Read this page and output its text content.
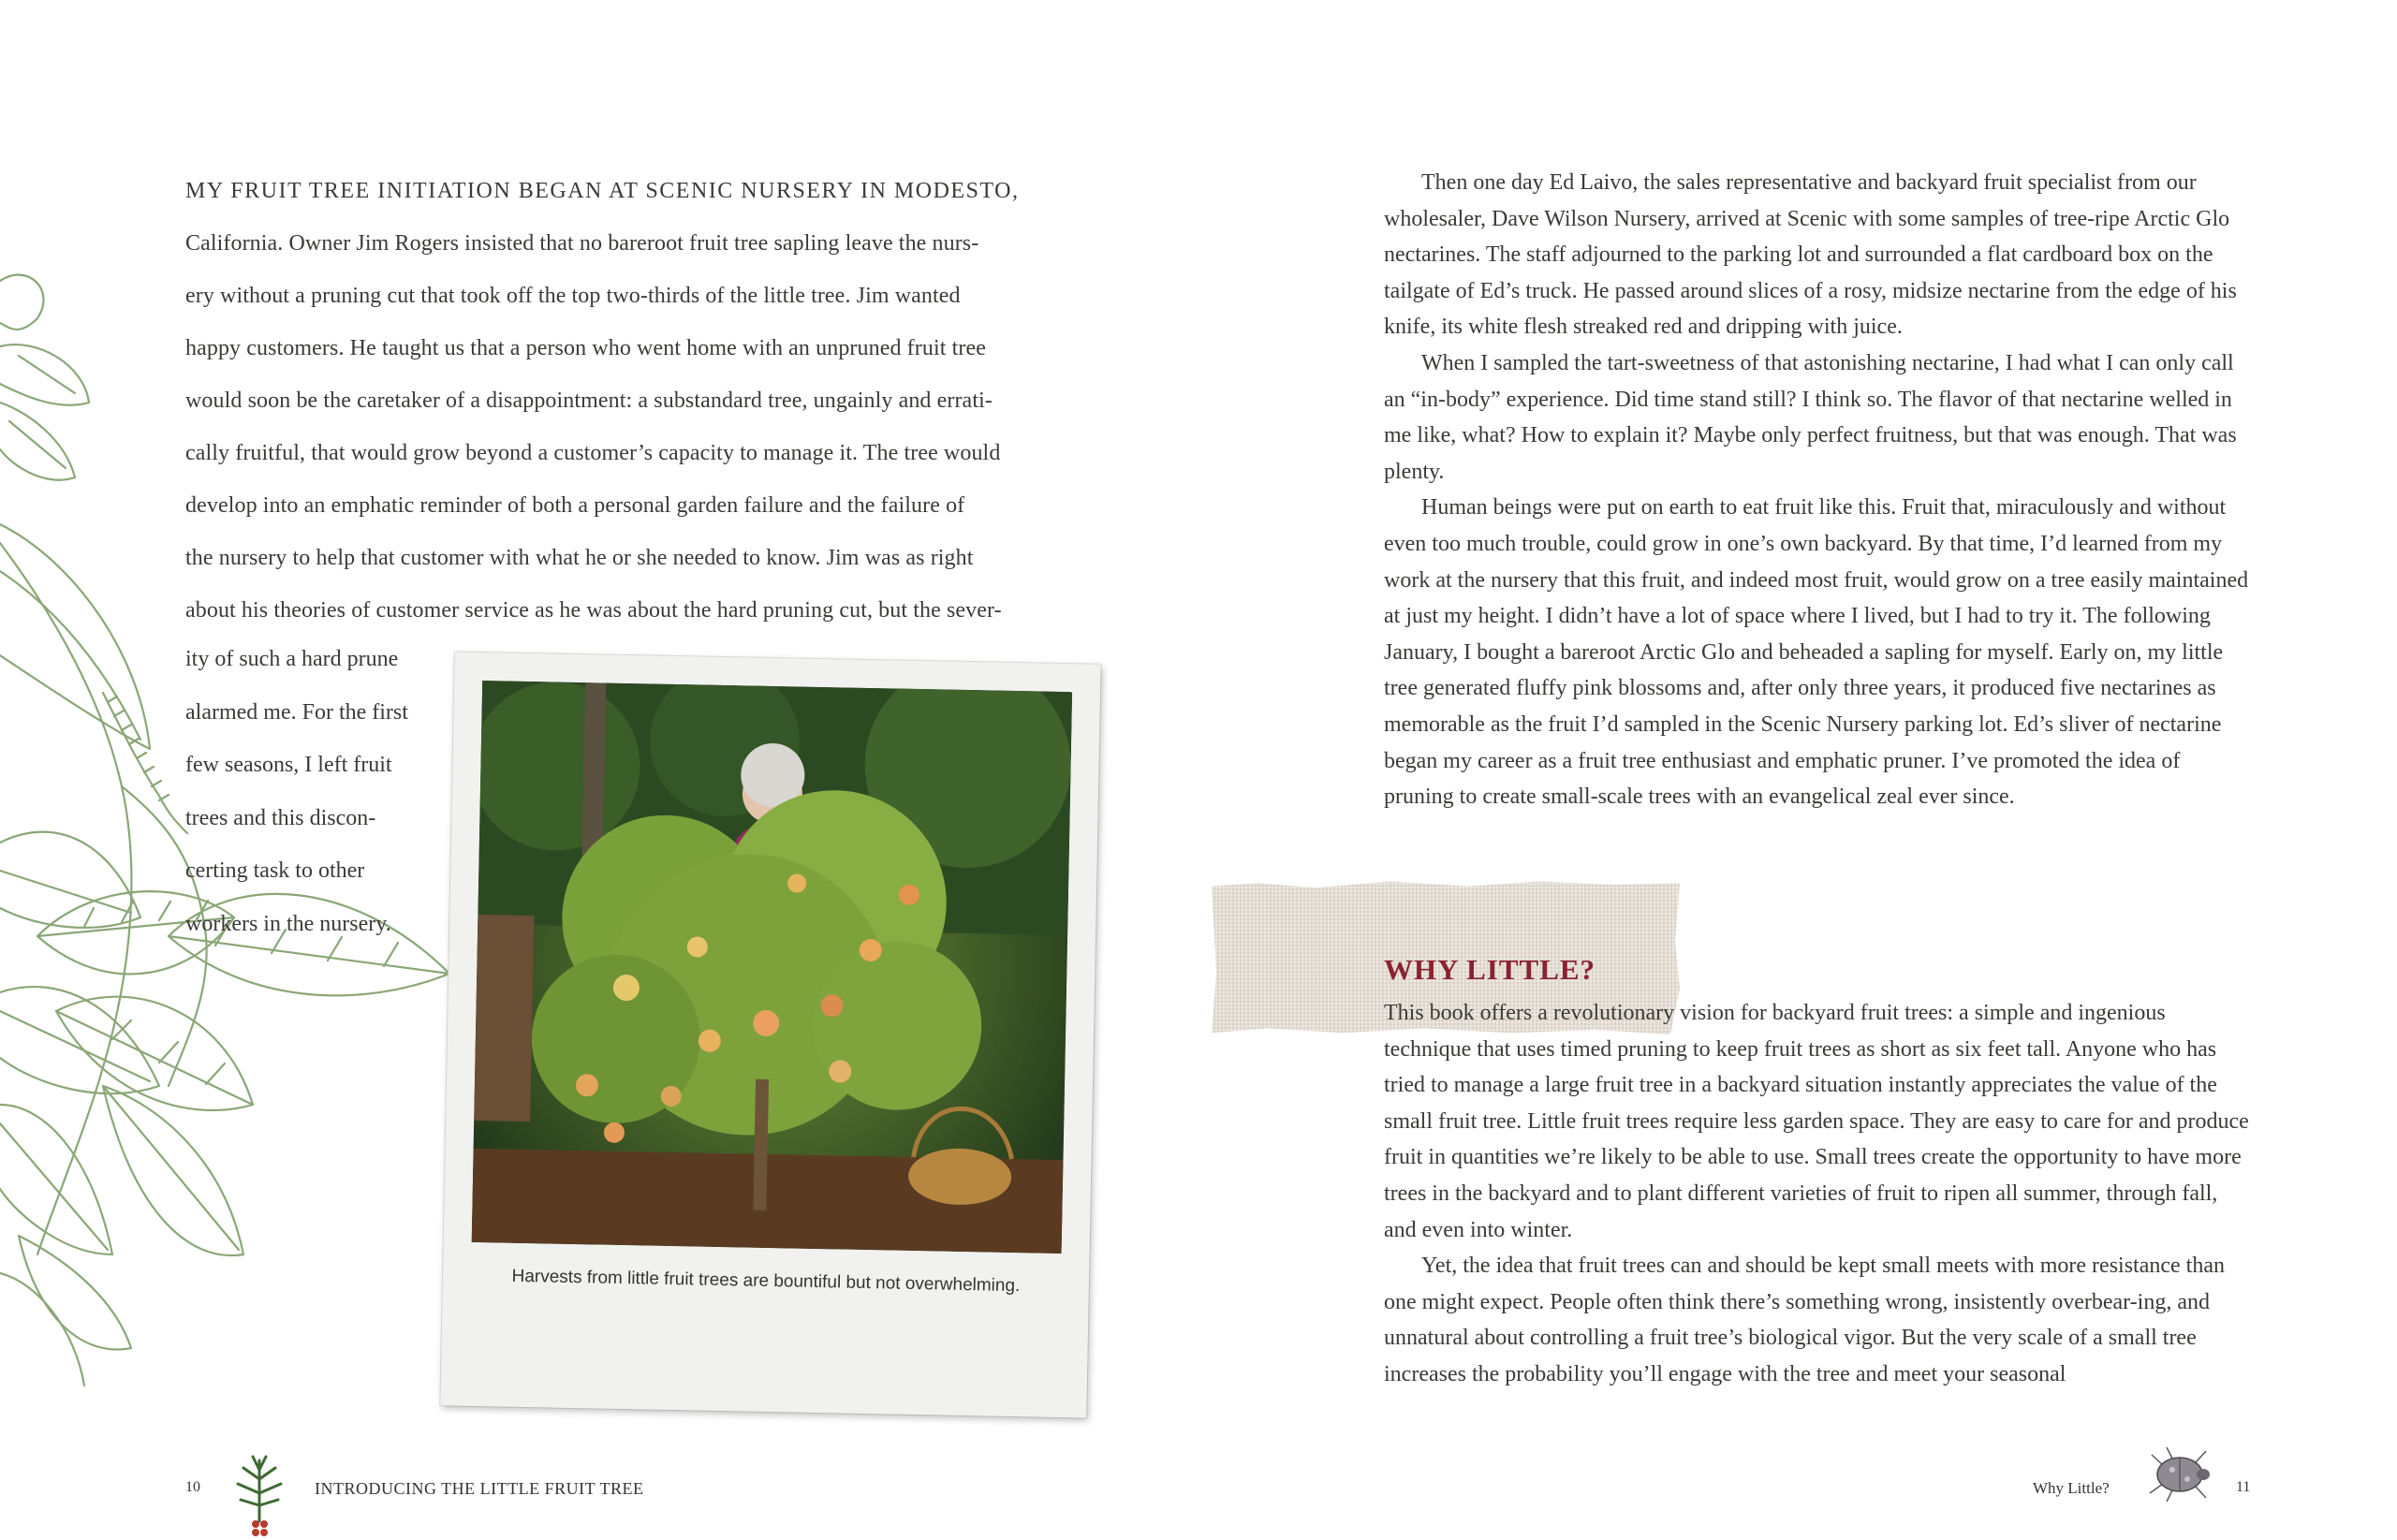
MY FRUIT TREE INITIATION BEGAN AT SCENIC NURSERY IN MODESTO,

California. Owner Jim Rogers insisted that no bareroot fruit tree sapling leave the nurs-

ery without a pruning cut that took off the top two-thirds of the little tree. Jim wanted

happy customers. He taught us that a person who went home with an unpruned fruit tree

would soon be the caretaker of a disappointment: a substandard tree, ungainly and errati-

cally fruitful, that would grow beyond a customer’s capacity to manage it. The tree would

develop into an emphatic reminder of both a personal garden failure and the failure of

the nursery to help that customer with what he or she needed to know. Jim was as right

about his theories of customer service as he was about the hard pruning cut, but the sever-

ity of such a hard prune
alarmed me. For the first
few seasons, I left fruit
trees and this discon-
certing task to other
workers in the nursery.
Harvests from little fruit trees are bountiful but not overwhelming.

Then one day Ed Laivo, the sales representative and backyard fruit specialist from our wholesaler, Dave Wilson Nursery, arrived at Scenic with some samples of tree-ripe Arctic Glo nectarines. The staff adjourned to the parking lot and surrounded a flat cardboard box on the tailgate of Ed’s truck. He passed around slices of a rosy, midsize nectarine from the edge of his knife, its white flesh streaked red and dripping with juice.

When I sampled the tart-sweetness of that astonishing nectarine, I had what I can only call an “in-body” experience. Did time stand still? I think so. The flavor of that nectarine welled in me like, what? How to explain it? Maybe only perfect fruitness, but that was enough. That was plenty.

Human beings were put on earth to eat fruit like this. Fruit that, miraculously and without even too much trouble, could grow in one’s own backyard. By that time, I’d learned from my work at the nursery that this fruit, and indeed most fruit, would grow on a tree easily maintained at just my height. I didn’t have a lot of space where I lived, but I had to try it. The following January, I bought a bareroot Arctic Glo and beheaded a sapling for myself. Early on, my little tree generated fluffy pink blossoms and, after only three years, it produced five nectarines as memorable as the fruit I’d sampled in the Scenic Nursery parking lot. Ed’s sliver of nectarine began my career as a fruit tree enthusiast and emphatic pruner. I’ve promoted the idea of pruning to create small-scale trees with an evangelical zeal ever since.

WHY LITTLE?

This book offers a revolutionary vision for backyard fruit trees: a simple and ingenious technique that uses timed pruning to keep fruit trees as short as six feet tall. Anyone who has tried to manage a large fruit tree in a backyard situation instantly appreciates the value of the small fruit tree. Little fruit trees require less garden space. They are easy to care for and produce fruit in quantities we’re likely to be able to use. Small trees create the opportunity to have more trees in the backyard and to plant different varieties of fruit to ripen all summer, through fall, and even into winter.

Yet, the idea that fruit trees can and should be kept small meets with more resistance than one might expect. People often think there’s something wrong, insistently overbear-ing, and unnatural about controlling a fruit tree’s biological vigor. But the very scale of a small tree increases the probability you’ll engage with the tree and meet your seasonal

10	INTRODUCING THE LITTLE FRUIT TREE	Why Little?	11
